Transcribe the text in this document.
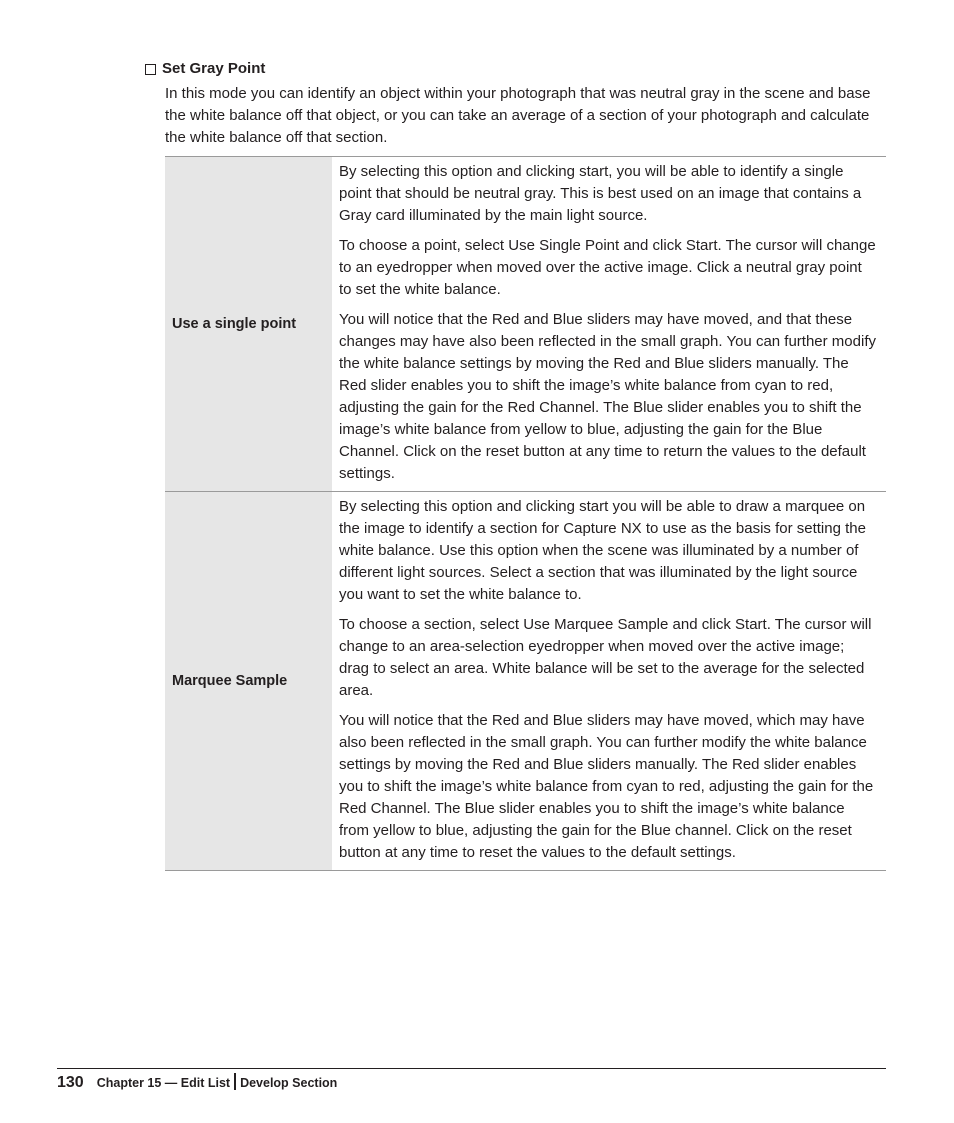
Set Gray Point

In this mode you can identify an object within your photograph that was neutral gray in the scene and base the white balance off that object, or you can take an average of a section of your photograph and calculate the white balance off that section.

Use a single point	By selecting this option and clicking start, you will be able to identify a single point that should be neutral gray. This is best used on an image that contains a Gray card illuminated by the main light source.

To choose a point, select Use Single Point and click Start. The cursor will change to an eyedropper when moved over the active image. Click a neutral gray point to set the white balance.

You will notice that the Red and Blue sliders may have moved, and that these changes may have also been reflected in the small graph. You can further modify the white balance settings by moving the Red and Blue sliders manually. The Red slider enables you to shift the image’s white balance from cyan to red, adjusting the gain for the Red Channel. The Blue slider enables you to shift the image’s white balance from yellow to blue, adjusting the gain for the Blue Channel. Click on the reset button at any time to return the values to the default settings.

Marquee Sample	By selecting this option and clicking start you will be able to draw a marquee on the image to identify a section for Capture NX to use as the basis for setting the white balance. Use this option when the scene was illuminated by a number of different light sources. Select a section that was illuminated by the light source you want to set the white balance to.

To choose a section, select Use Marquee Sample and click Start. The cursor will change to an area-selection eyedropper when moved over the active image; drag to select an area. White balance will be set to the average for the selected area.

You will notice that the Red and Blue sliders may have moved, which may have also been reflected in the small graph. You can further modify the white balance settings by moving the Red and Blue sliders manually. The Red slider enables you to shift the image’s white balance from cyan to red, adjusting the gain for the Red Channel. The Blue slider enables you to shift the image’s white balance from yellow to blue, adjusting the gain for the Blue channel. Click on the reset button at any time to reset the values to the default settings.

130 Chapter 15 — Edit List Develop Section
